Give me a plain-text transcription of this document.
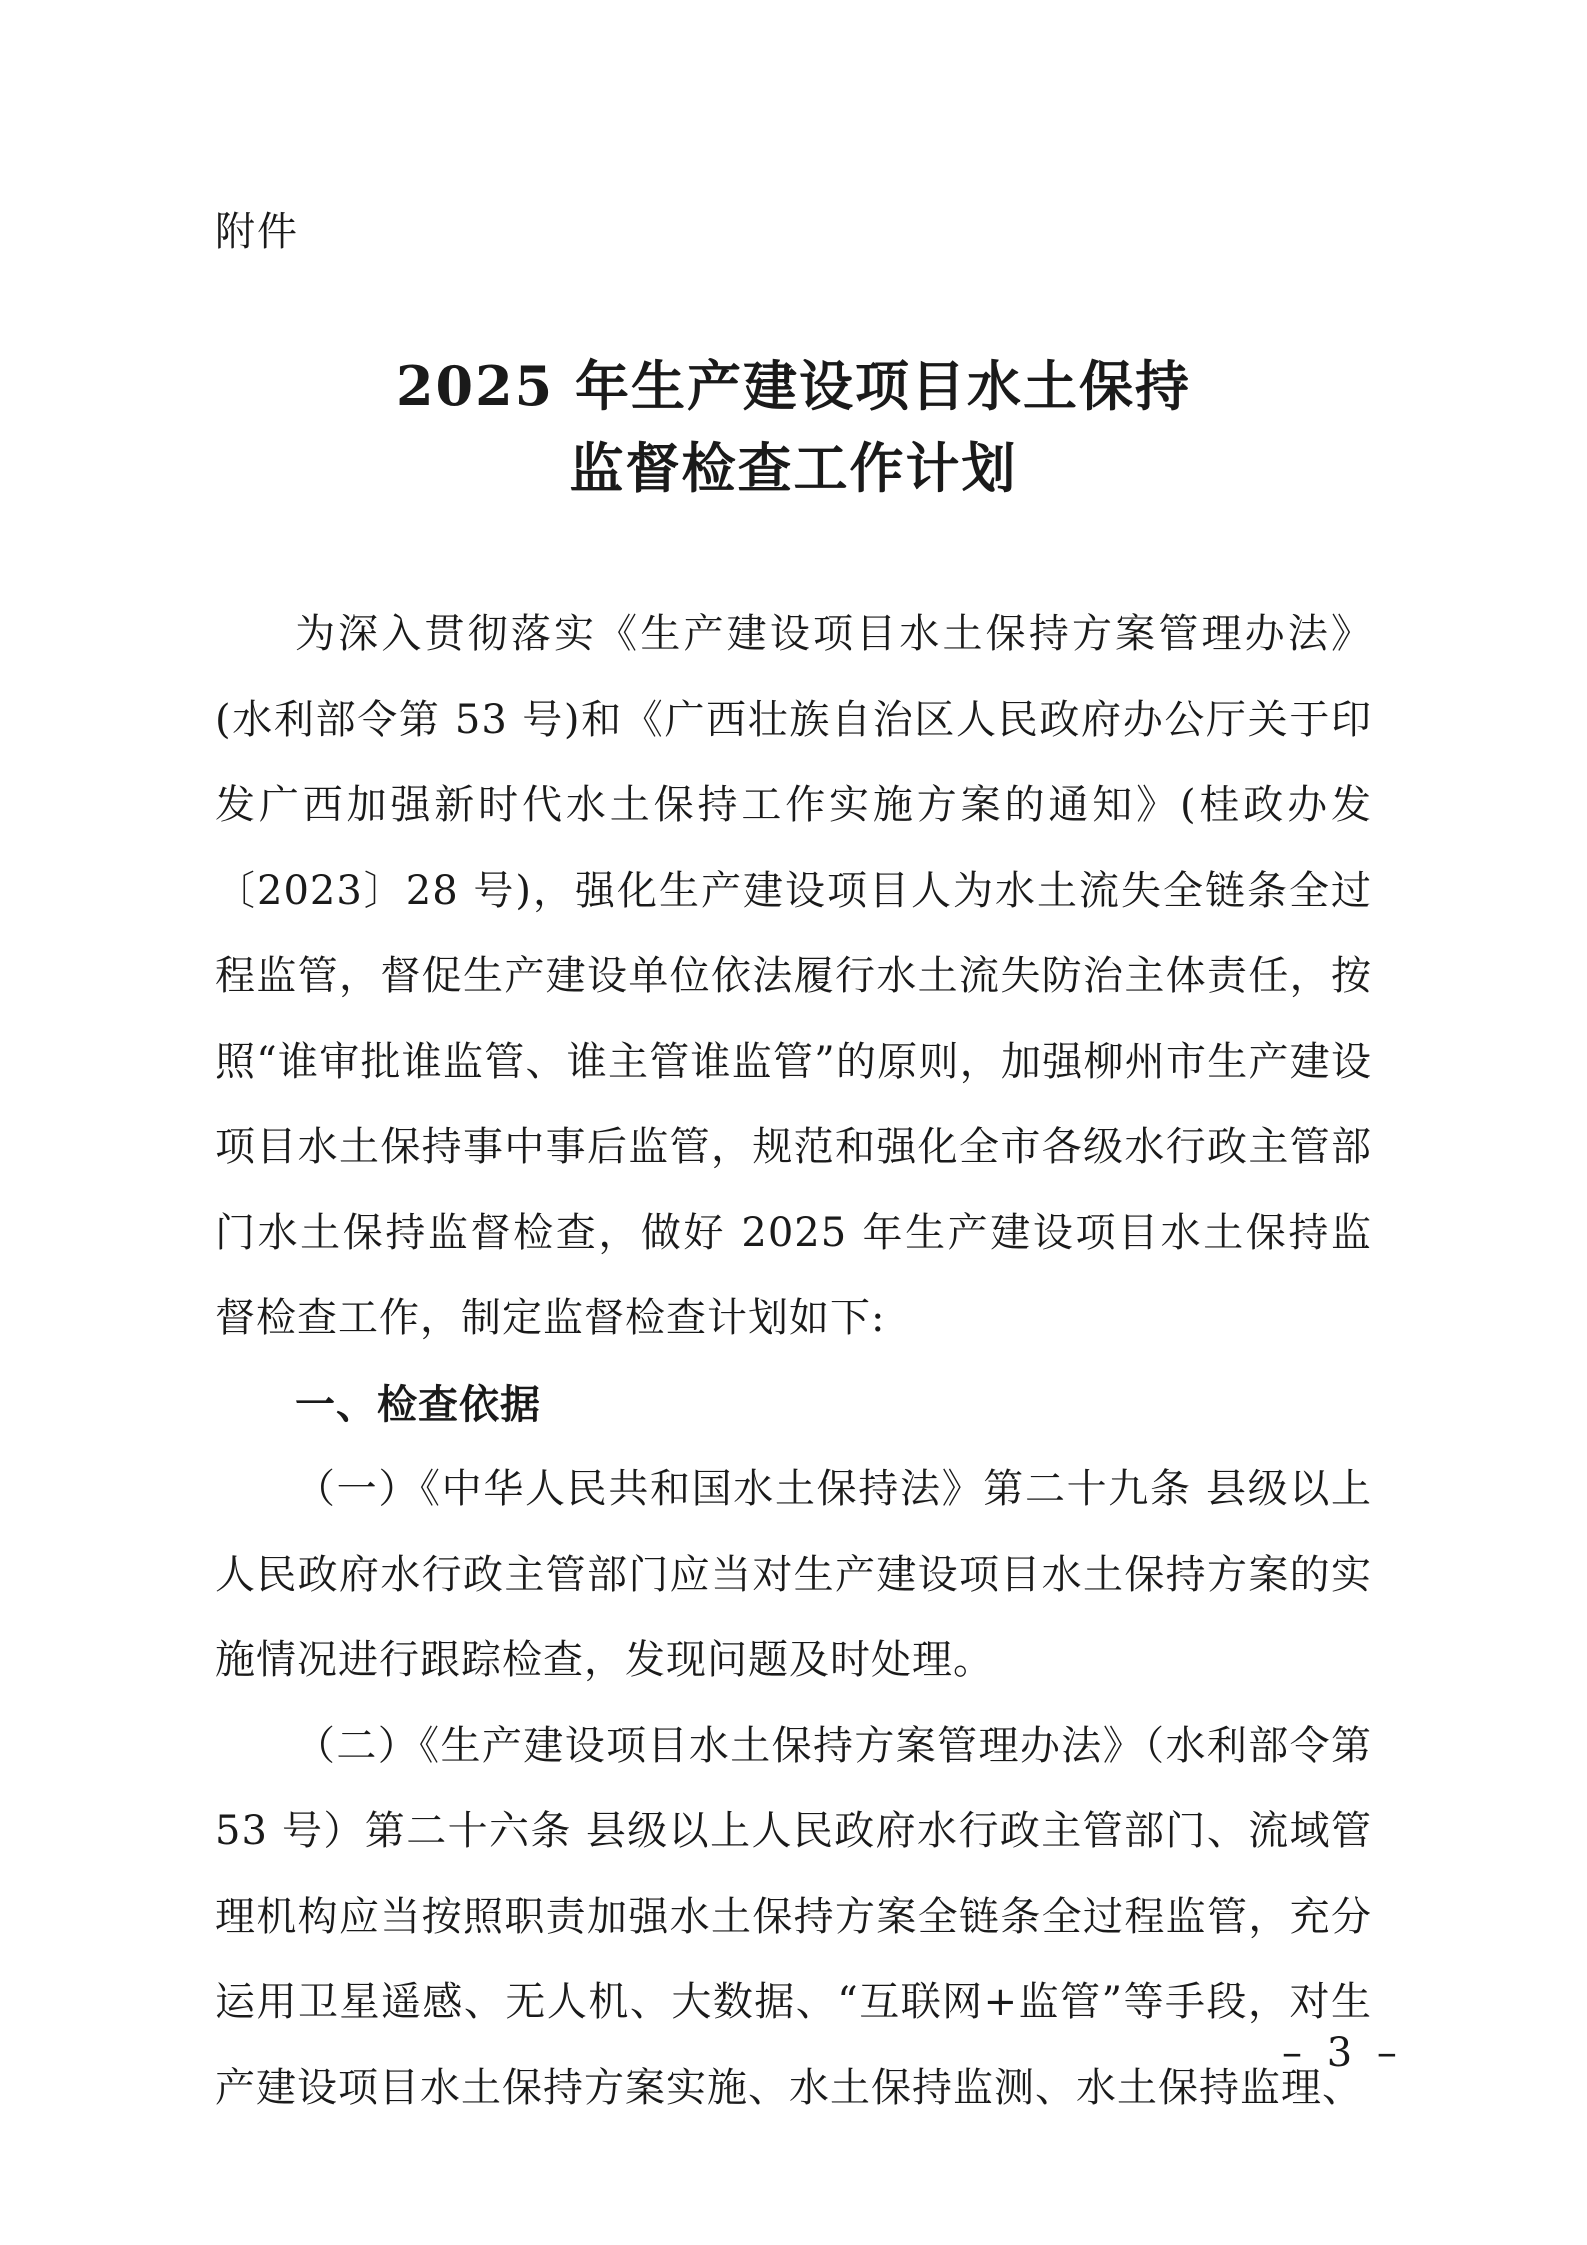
附件
2025 年生产建设项目水土保持
监督检查工作计划

为深入贯彻落实《生产建设项目水土保持方案管理办法》(水利部令第 53 号)和《广西壮族自治区人民政府办公厅关于印发广西加强新时代水土保持工作实施方案的通知》(桂政办发〔2023〕28 号)，强化生产建设项目人为水土流失全链条全过程监管，督促生产建设单位依法履行水土流失防治主体责任，按照“谁审批谁监管、谁主管谁监管”的原则，加强柳州市生产建设项目水土保持事中事后监管，规范和强化全市各级水行政主管部门水土保持监督检查，做好 2025 年生产建设项目水土保持监督检查工作，制定监督检查计划如下:

一、检查依据

（一）《中华人民共和国水土保持法》第二十九条 县级以上人民政府水行政主管部门应当对生产建设项目水土保持方案的实施情况进行跟踪检查，发现问题及时处理。

（二）《生产建设项目水土保持方案管理办法》（水利部令第 53 号）第二十六条 县级以上人民政府水行政主管部门、流域管理机构应当按照职责加强水土保持方案全链条全过程监管，充分运用卫星遥感、无人机、大数据、“互联网+监管”等手段，对生产建设项目水土保持方案实施、水土保持监测、水土保持监理、

– 3 –
